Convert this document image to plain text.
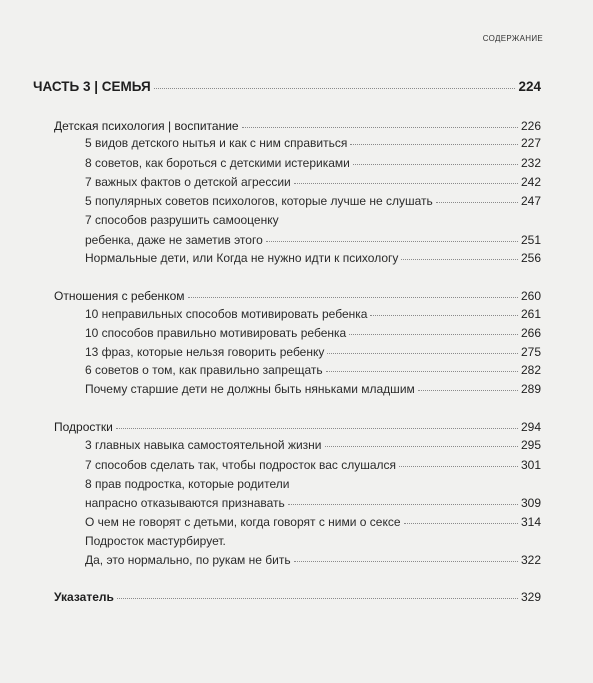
СОДЕРЖАНИЕ
ЧАСТЬ 3 | СЕМЬЯ	224
Детская психология | воспитание	226
5 видов детского нытья и как с ним справиться	227
8 советов, как бороться с детскими истериками	232
7 важных фактов о детской агрессии	242
5 популярных советов психологов, которые лучше не слушать	247
7 способов разрушить самооценку
ребенка, даже не заметив этого	251
Нормальные дети, или Когда не нужно идти к психологу	256
Отношения с ребенком	260
10 неправильных способов мотивировать ребенка	261
10 способов правильно мотивировать ребенка	266
13 фраз, которые нельзя говорить ребенку	275
6 советов о том, как правильно запрещать	282
Почему старшие дети не должны быть няньками младшим	289
Подростки	294
3 главных навыка самостоятельной жизни	295
7 способов сделать так, чтобы подросток вас слушался	301
8 прав подростка, которые родители
напрасно отказываются признавать	309
О чем не говорят с детьми, когда говорят с ними о сексе	314
Подросток мастурбирует.
Да, это нормально, по рукам не бить	322
Указатель	329
